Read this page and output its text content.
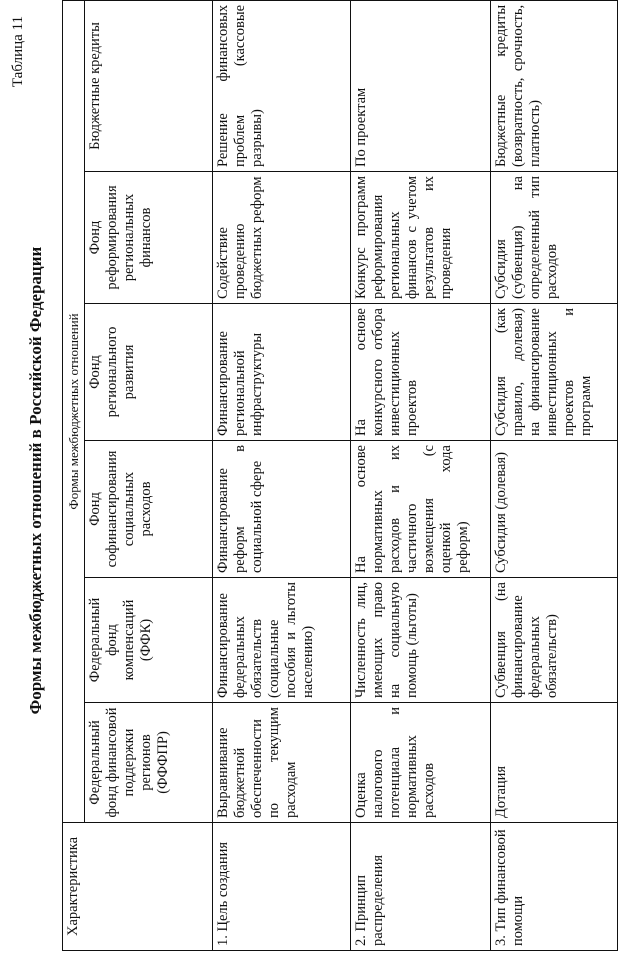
Таблица 11
Формы межбюджетных отношений в Российской Федерации
Характеристика	Формы межбюджетных отношений					
	Федеральный фонд финансовой поддержки регионов (ФФФПР)	Федеральный фонд компенсаций (ФФК)	Фонд софинансирования социальных расходов	Фонд регионального развития	Фонд реформирования региональных финансов	Бюджетные кредиты
1. Цель создания	Выравнивание бюджетной обеспеченности по текущим расходам	Финансирование федеральных обязательств (социальные пособия и льготы населению)	Финансирование реформ в социальной сфере	Финансирование региональной инфраструктуры	Содействие проведению бюджетных реформ	Решение финансовых проблем (кассовые разрывы)
2. Принцип распределения	Оценка налогового потенциала и нормативных расходов	Численность лиц, имеющих право на социальную помощь (льготы)	На основе нормативных расходов и их частичного возмещения (с оценкой хода реформ)	На основе конкурсного отбора инвестиционных проектов	Конкурс программ реформирования региональных финансов с учетом результатов их проведения	По проектам
3. Тип финансовой помощи	Дотация	Субвенция (на финансирование федеральных обязательств)	Субсидия (долевая)	Субсидия (как правило, долевая) на финансирование инвестиционных проектов и программ	Субсидия (субвенция) на определенный тип расходов	Бюджетные кредиты (возвратность, срочность, платность)
